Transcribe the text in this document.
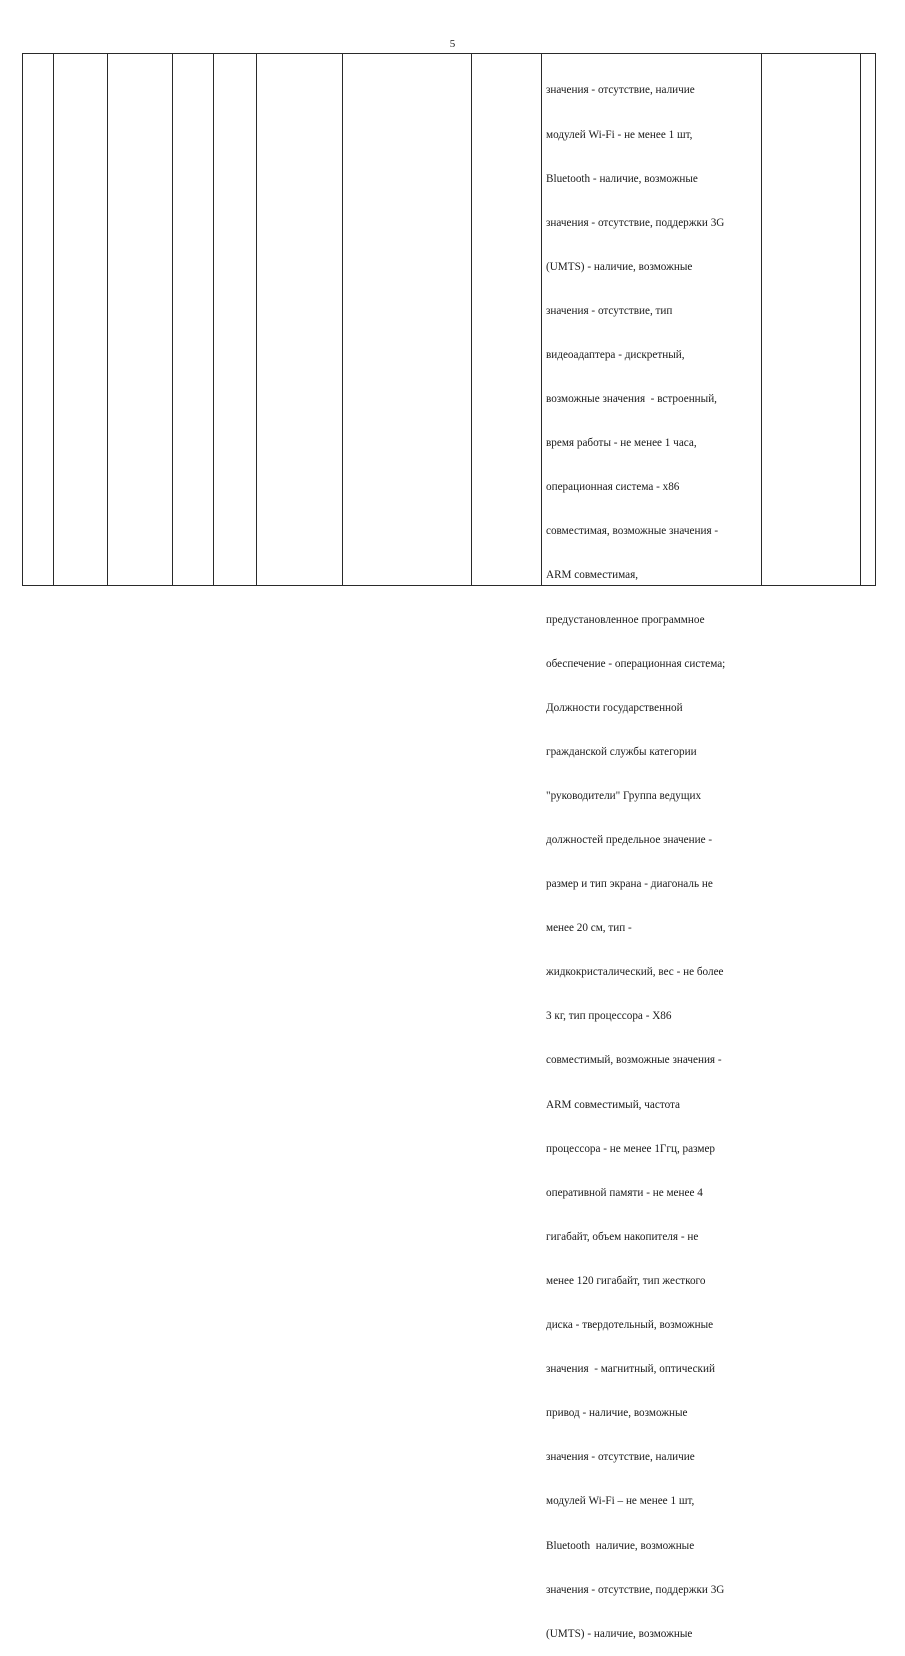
5

значения - отсутствие, наличие

модулей Wi-Fi - не менее 1 шт,

Bluetooth - наличие, возможные

значения - отсутствие, поддержки 3G

(UMTS) - наличие, возможные

значения - отсутствие, тип

видеоадаптера - дискретный,

возможные значения  - встроенный,

время работы - не менее 1 часа,

операционная система - х86

совместимая, возможные значения -

ARM совместимая,

предустановленное программное

обеспечение - операционная система;

Должности государственной

гражданской службы категории

"руководители" Группа ведущих

должностей предельное значение -

размер и тип экрана - диагональ не

менее 20 см, тип -

жидкокристалический, вес - не более

3 кг, тип процессора - Х86

совместимый, возможные значения -

ARM совместимый, частота

процессора - не менее 1Ггц, размер

оперативной памяти - не менее 4

гигабайт, объем накопителя - не

менее 120 гигабайт, тип жесткого

диска - твердотельный, возможные

значения  - магнитный, оптический

привод - наличие, возможные

значения - отсутствие, наличие

модулей Wi-Fi – не менее 1 шт,

Bluetooth  наличие, возможные

значения - отсутствие, поддержки 3G

(UMTS) - наличие, возможные
